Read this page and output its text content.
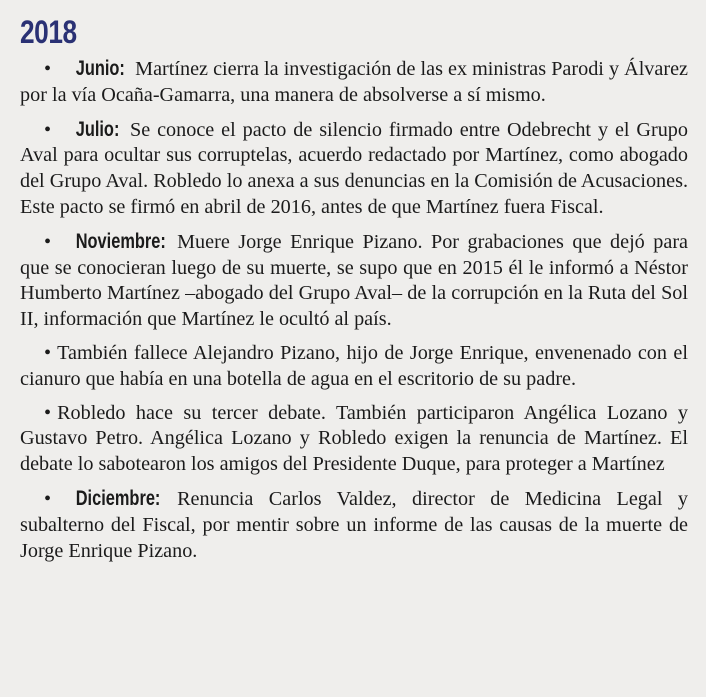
2018

• Junio: Martínez cierra la investigación de las ex ministras Parodi y Álvarez por la vía Ocaña-Gamarra, una manera de absolverse a sí mismo.

• Julio: Se conoce el pacto de silencio firmado entre Odebrecht y el Grupo Aval para ocultar sus corruptelas, acuerdo redactado por Martínez, como abogado del Grupo Aval. Robledo lo anexa a sus denuncias en la Comisión de Acusaciones. Este pacto se firmó en abril de 2016, antes de que Martínez fuera Fiscal.

• Noviembre: Muere Jorge Enrique Pizano. Por grabaciones que dejó para que se conocieran luego de su muerte, se supo que en 2015 él le informó a Néstor Humberto Martínez –abogado del Grupo Aval– de la corrupción en la Ruta del Sol II, información que Martínez le ocultó al país.

• También fallece Alejandro Pizano, hijo de Jorge Enrique, envenenado con el cianuro que había en una botella de agua en el escritorio de su padre.

• Robledo hace su tercer debate. También participaron Angélica Lozano y Gustavo Petro. Angélica Lozano y Robledo exigen la renuncia de Martínez. El debate lo sabotearon los amigos del Presidente Duque, para proteger a Martínez

• Diciembre: Renuncia Carlos Valdez, director de Medicina Legal y subalterno del Fiscal, por mentir sobre un informe de las causas de la muerte de Jorge Enrique Pizano.
